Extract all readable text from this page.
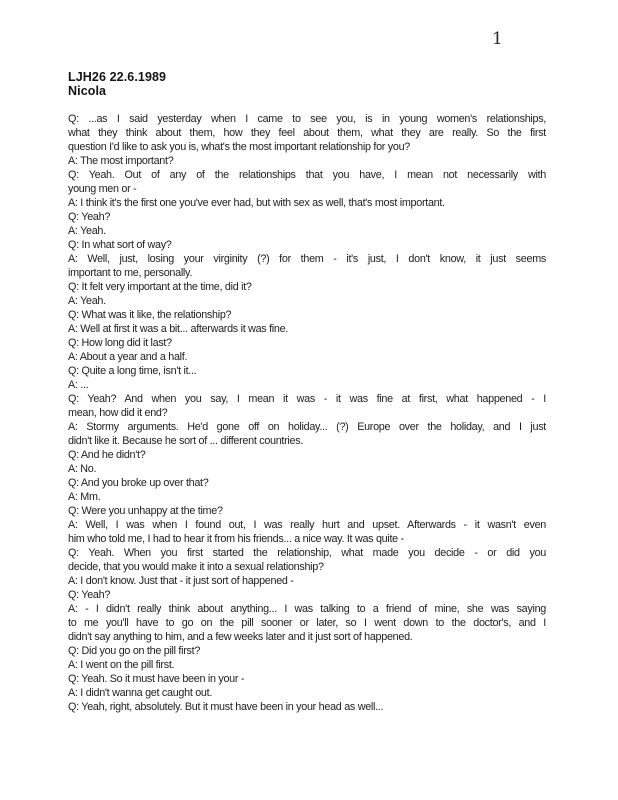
1
LJH26 22.6.1989
Nicola
Q: ...as I said yesterday when I came to see you, is in young women's relationships,
what they think about them, how they feel about them, what they are really. So the first
question I'd like to ask you is, what's the most important relationship for you?
A: The most important?
Q: Yeah. Out of any of the relationships that you have, I mean not necessarily with
young men or -
A: I think it's the first one you've ever had, but with sex as well, that's most important.
Q: Yeah?
A: Yeah.
Q: In what sort of way?
A: Well, just, losing your virginity (?) for them - it's just, I don't know, it just seems
important to me, personally.
Q: It felt very important at the time, did it?
A: Yeah.
Q: What was it like, the relationship?
A: Well at first it was a bit... afterwards it was fine.
Q: How long did it last?
A: About a year and a half.
Q: Quite a long time, isn't it...
A: ...
Q: Yeah? And when you say, I mean it was - it was fine at first, what happened - I
mean, how did it end?
A: Stormy arguments. He'd gone off on holiday... (?) Europe over the holiday, and I just
didn't like it. Because he sort of ... different countries.
Q: And he didn't?
A: No.
Q: And you broke up over that?
A: Mm.
Q: Were you unhappy at the time?
A: Well, I was when I found out, I was really hurt and upset. Afterwards - it wasn't even
him who told me, I had to hear it from his friends... a nice way. It was quite -
Q: Yeah. When you first started the relationship, what made you decide - or did you
decide, that you would make it into a sexual relationship?
A: I don't know. Just that - it just sort of happened -
Q: Yeah?
A: - I didn't really think about anything... I was talking to a friend of mine, she was saying
to me you'll have to go on the pill sooner or later, so I went down to the doctor's, and I
didn't say anything to him, and a few weeks later and it just sort of happened.
Q: Did you go on the pill first?
A: I went on the pill first.
Q: Yeah. So it must have been in your -
A: I didn't wanna get caught out.
Q: Yeah, right, absolutely. But it must have been in your head as well...
